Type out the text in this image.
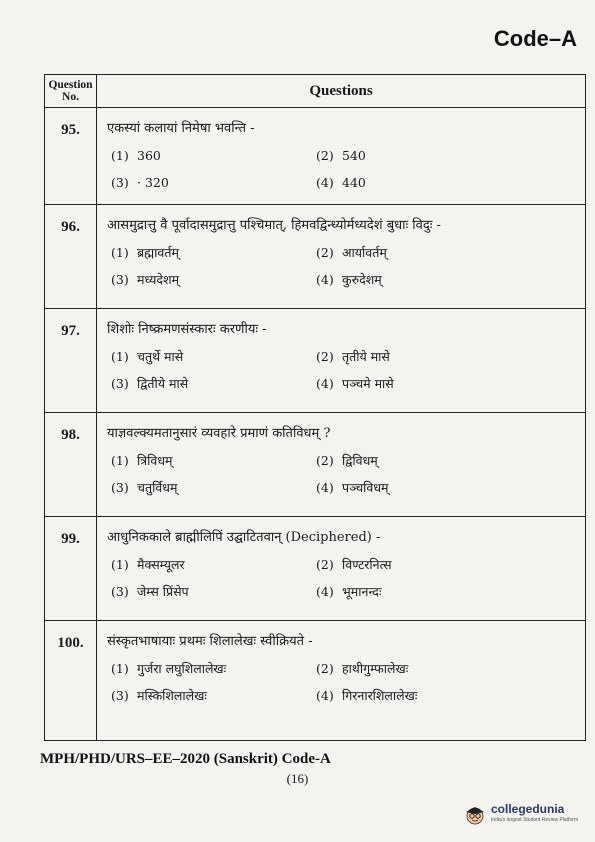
Code–A
Question No.	Questions
95.	एकस्यां कलायां निमेषा भवन्ति -
(1) 360 (2) 540
(3) · 320 (4) 440

96.	आसमुद्रात्तु वै पूर्वादासमुद्रात्तु पश्चिमात्, हिमवद्विन्ध्योर्मध्यदेशं बुधाः विदुः -
(1) ब्रह्मावर्तम् (2) आर्यावर्तम्
(3) मध्यदेशम् (4) कुरुदेशम्

97.	शिशोः निष्क्रमणसंस्कारः करणीयः -
(1) चतुर्थे मासे (2) तृतीये मासे
(3) द्वितीये मासे (4) पञ्चमे मासे

98.	याज्ञवल्क्यमतानुसारं व्यवहारे प्रमाणं कतिविधम् ?
(1) त्रिविधम् (2) द्विविधम्
(3) चतुर्विधम् (4) पञ्चविधम्

99.	आधुनिककाले ब्राह्मीलिपिं उद्घाटितवान् (Deciphered) -
(1) मैक्सम्यूलर (2) विण्टरनित्स
(3) जेम्स प्रिंसेप (4) भूमानन्दः

100.	संस्कृतभाषायाः प्रथमः शिलालेखः स्वीक्रियते -
(1) गुर्जरा लघुशिलालेखः (2) हाथीगुम्फालेखः
(3) मस्किशिलालेखः (4) गिरनारशिलालेखः
MPH/PHD/URS–EE–2020 (Sanskrit) Code-A
(16)
collegedunia
India's largest Student Review Platform
